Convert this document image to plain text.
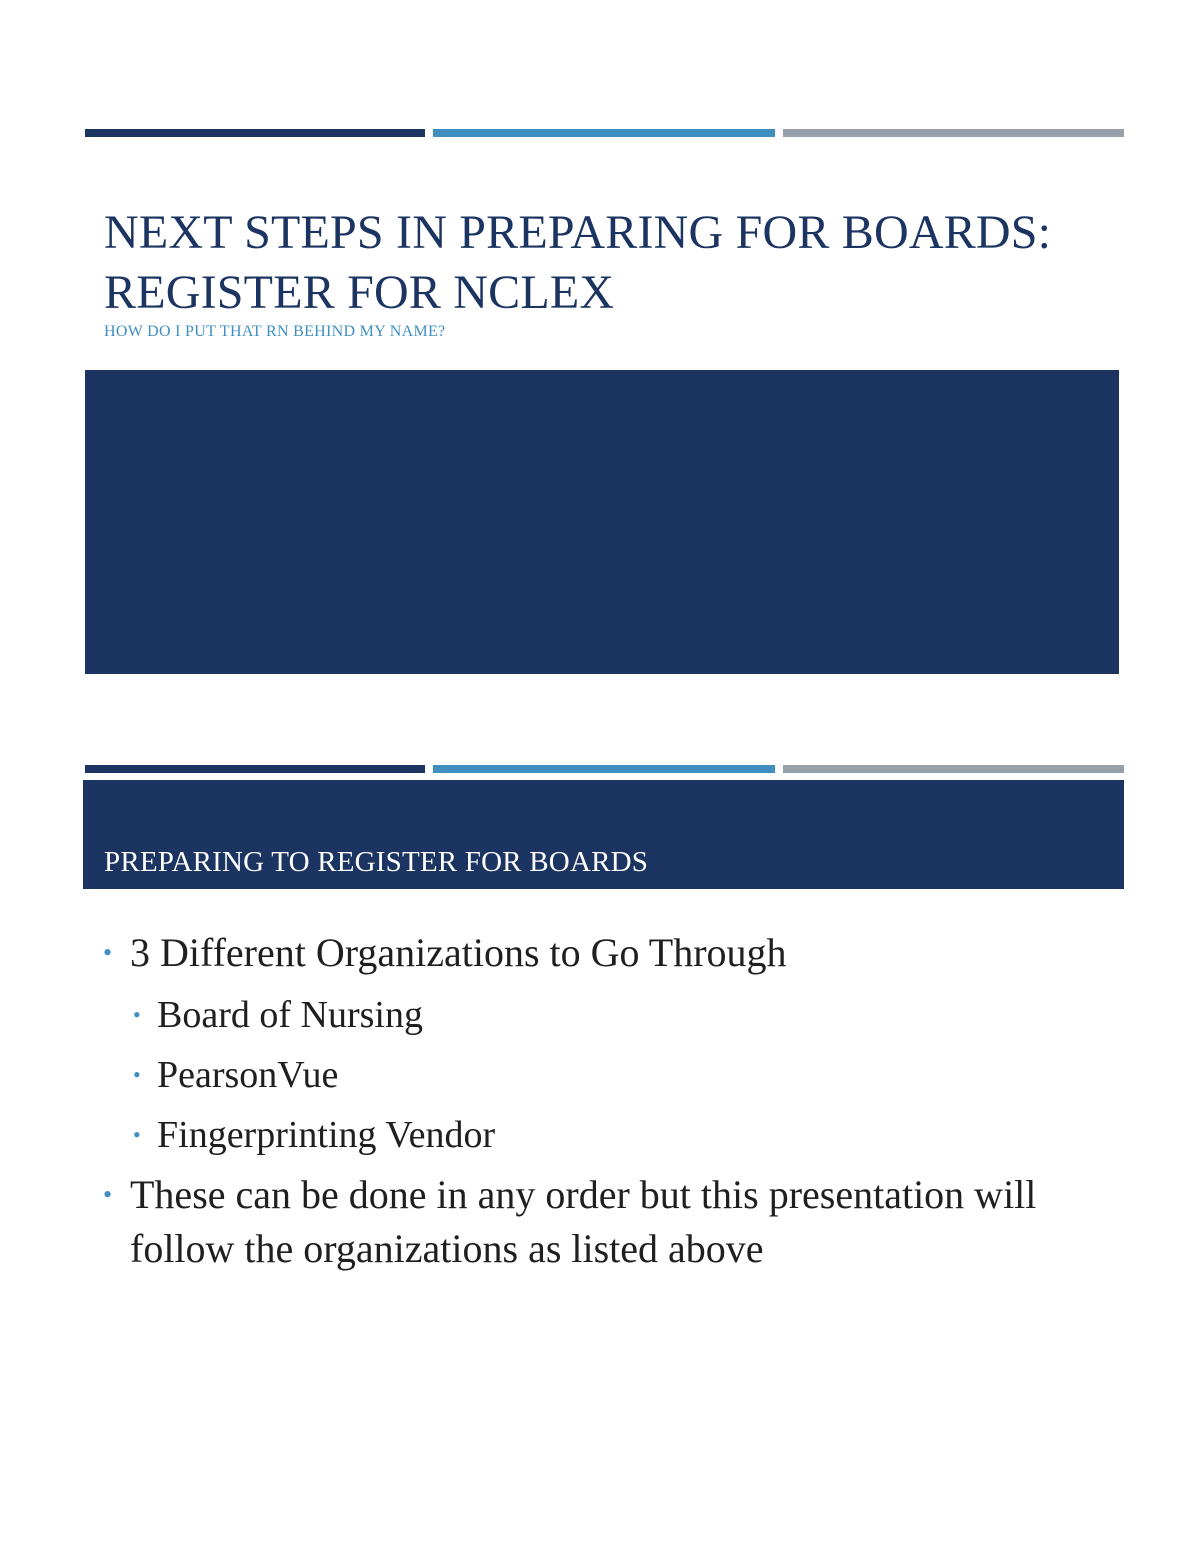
NEXT STEPS IN PREPARING FOR BOARDS:
REGISTER FOR NCLEX
HOW DO I PUT THAT RN BEHIND MY NAME?
PREPARING TO REGISTER FOR BOARDS
• 3 Different Organizations to Go Through
• Board of Nursing
• PearsonVue
• Fingerprinting Vendor
• These can be done in any order but this presentation will follow the organizations as listed above
